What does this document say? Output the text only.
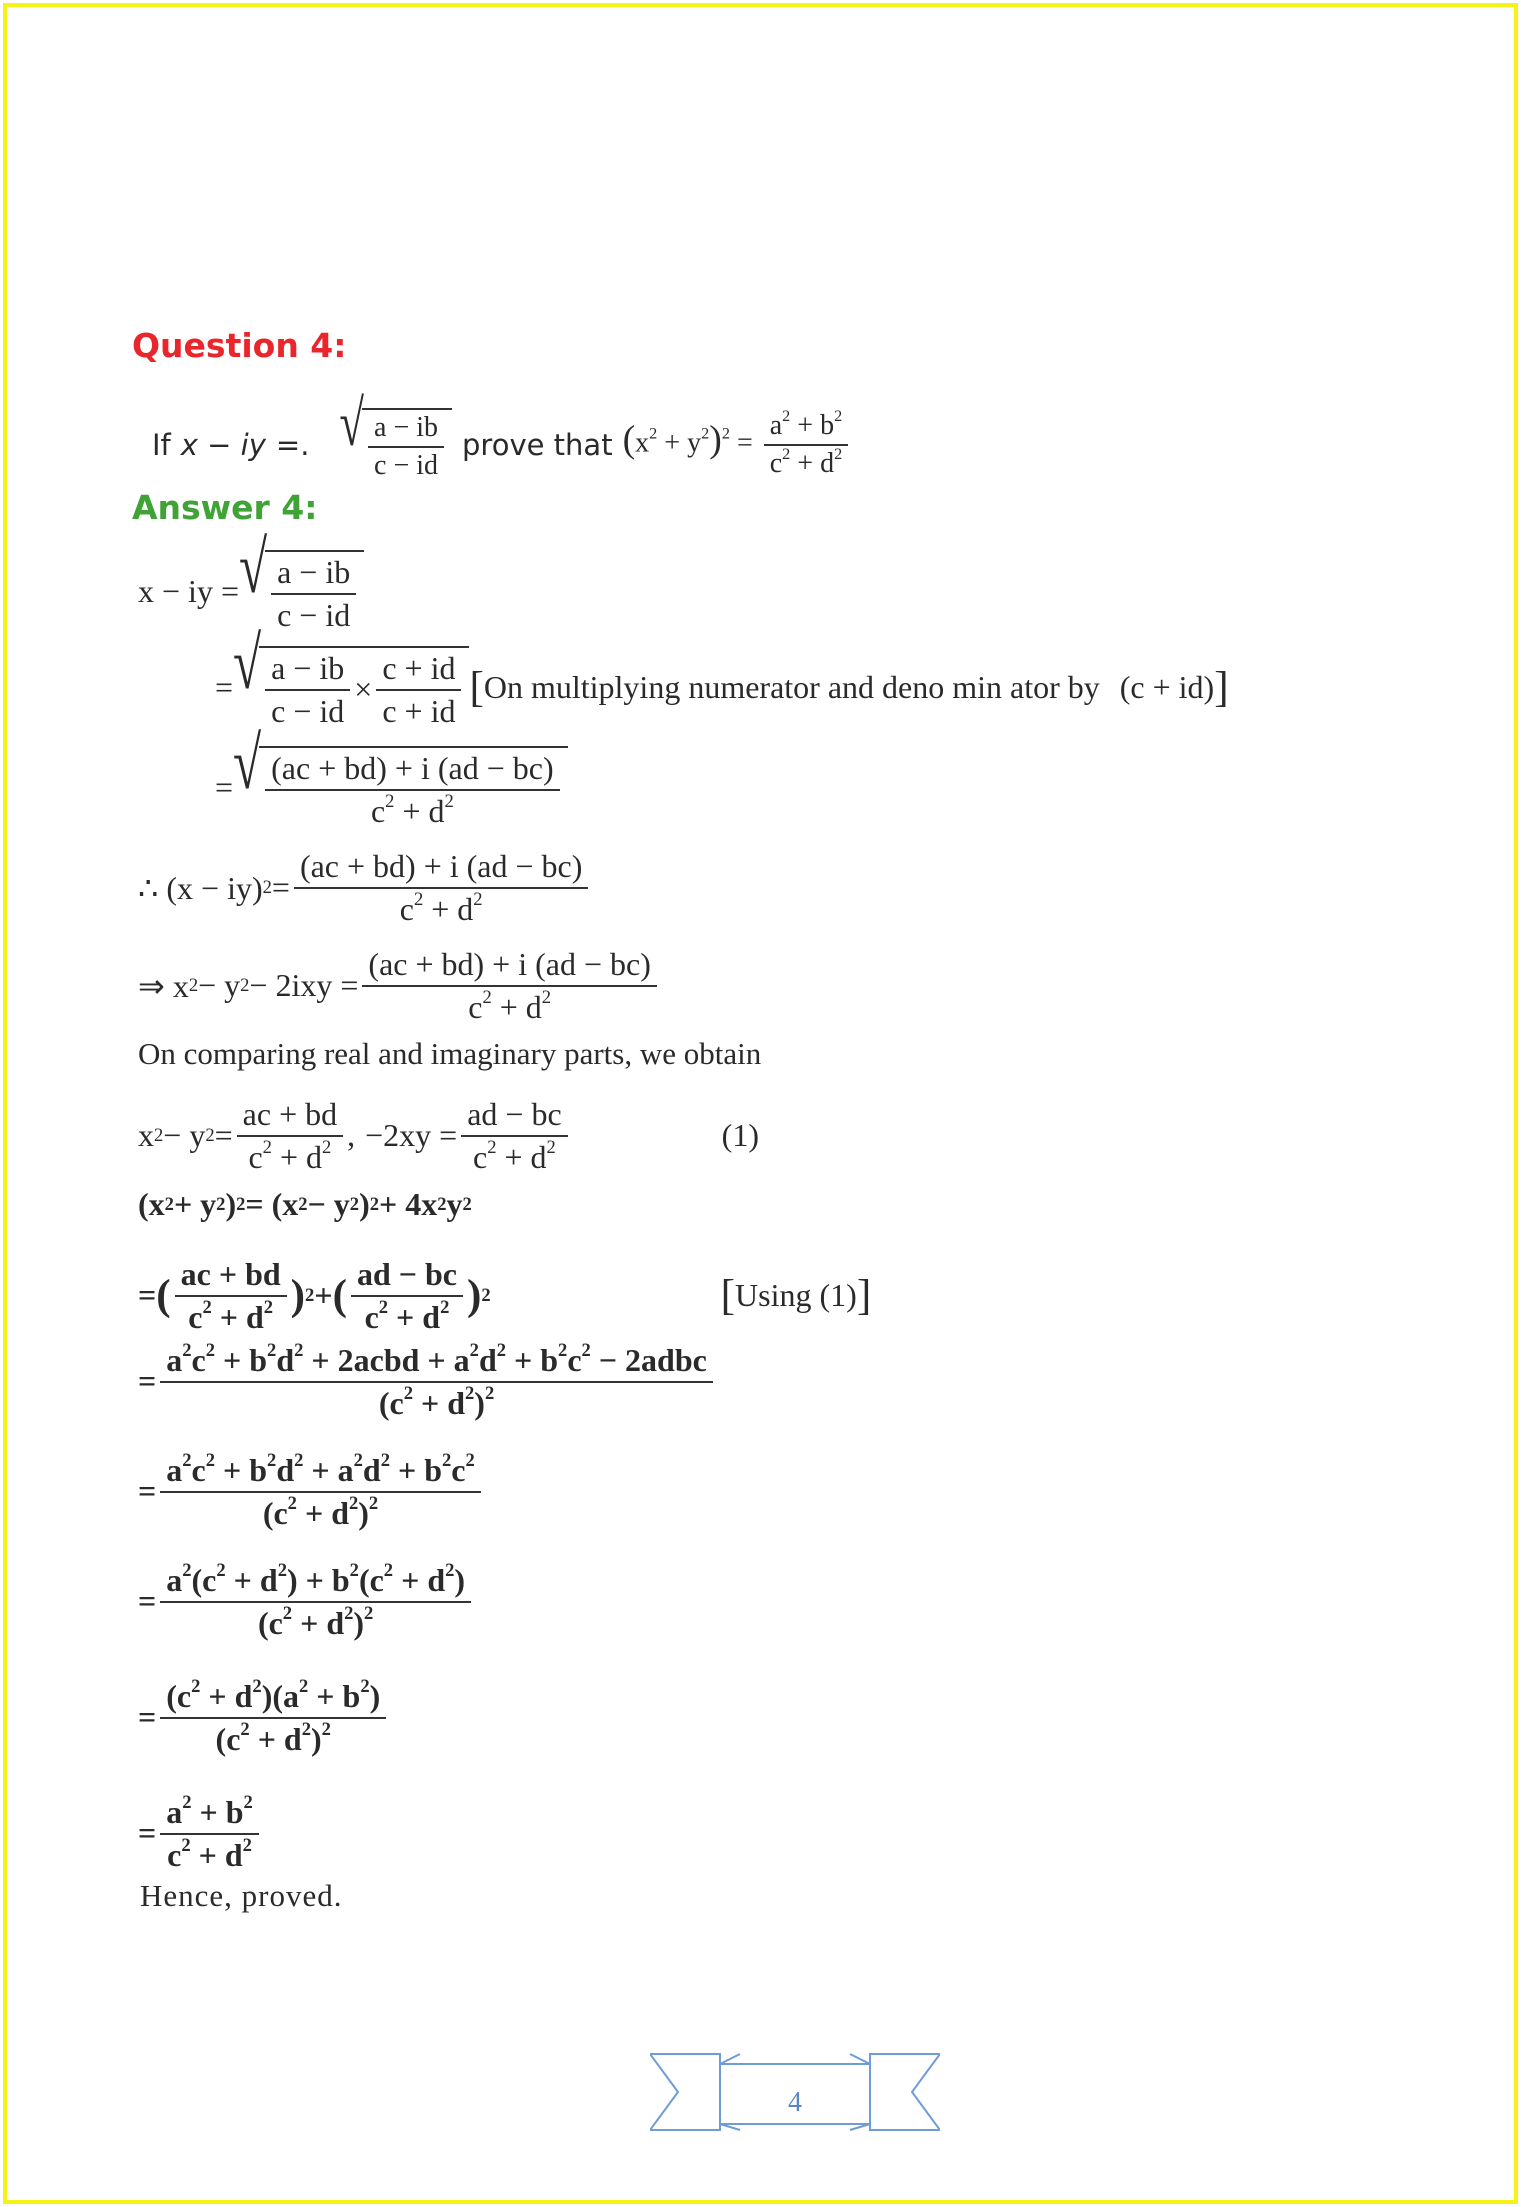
Question 4:
If x − iy =. √ $\frac{a - ib}{c - id}$ prove that $(x^2 + y^2)^2 = \frac{a^2 + b^2}{c^2 + d^2}$
Answer 4:
x − iy = √ $\frac{a - ib}{c - id}$
= √ $\frac{a - ib}{c - id} \times \frac{c + id}{c + id}$ [ On multiplying numerator and deno min ator by (c + id) ]
= √ $\frac{(ac + bd) + i (ad - bc)}{c^2 + d^2}$
∴ (x − iy) $2 = \frac{(ac + bd) + i (ad - bc)}{c^2 + d^2}$
⇒ x 2 − y $2 - 2ixy = \frac{(ac + bd) + i (ad - bc)}{c^2 + d^2}$
On comparing real and imaginary parts, we obtain
x 2 − y $2 = \frac{ac + bd}{c^2 + d^2}$ ,
$-2xy = \frac{ad - bc}{c^2 + d^2}$	(1)
(x 2 + y 2 ) 2 = (x 2 − y 2 ) 2 + 4x 2 y 2
= ( $\frac{ac + bd}{c^2 + d^2}$ ) 2 + ( $\frac{ad - bc}{c^2 + d^2}$ ) 2	[ Using (1) ]
= $\frac{a^2c^2 + b^2d^2 + 2acbd + a^2d^2 + b^2c^2 - 2adbc}{(c^2 + d^2)^2}$
= $\frac{a^2c^2 + b^2d^2 + a^2d^2 + b^2c^2}{(c^2 + d^2)^2}$
= $\frac{a^2(c^2 + d^2) + b^2(c^2 + d^2)}{(c^2 + d^2)^2}$
= $\frac{(c^2 + d^2)(a^2 + b^2)}{(c^2 + d^2)^2}$
= $\frac{a^2 + b^2}{c^2 + d^2}$
Hence, proved.
4
